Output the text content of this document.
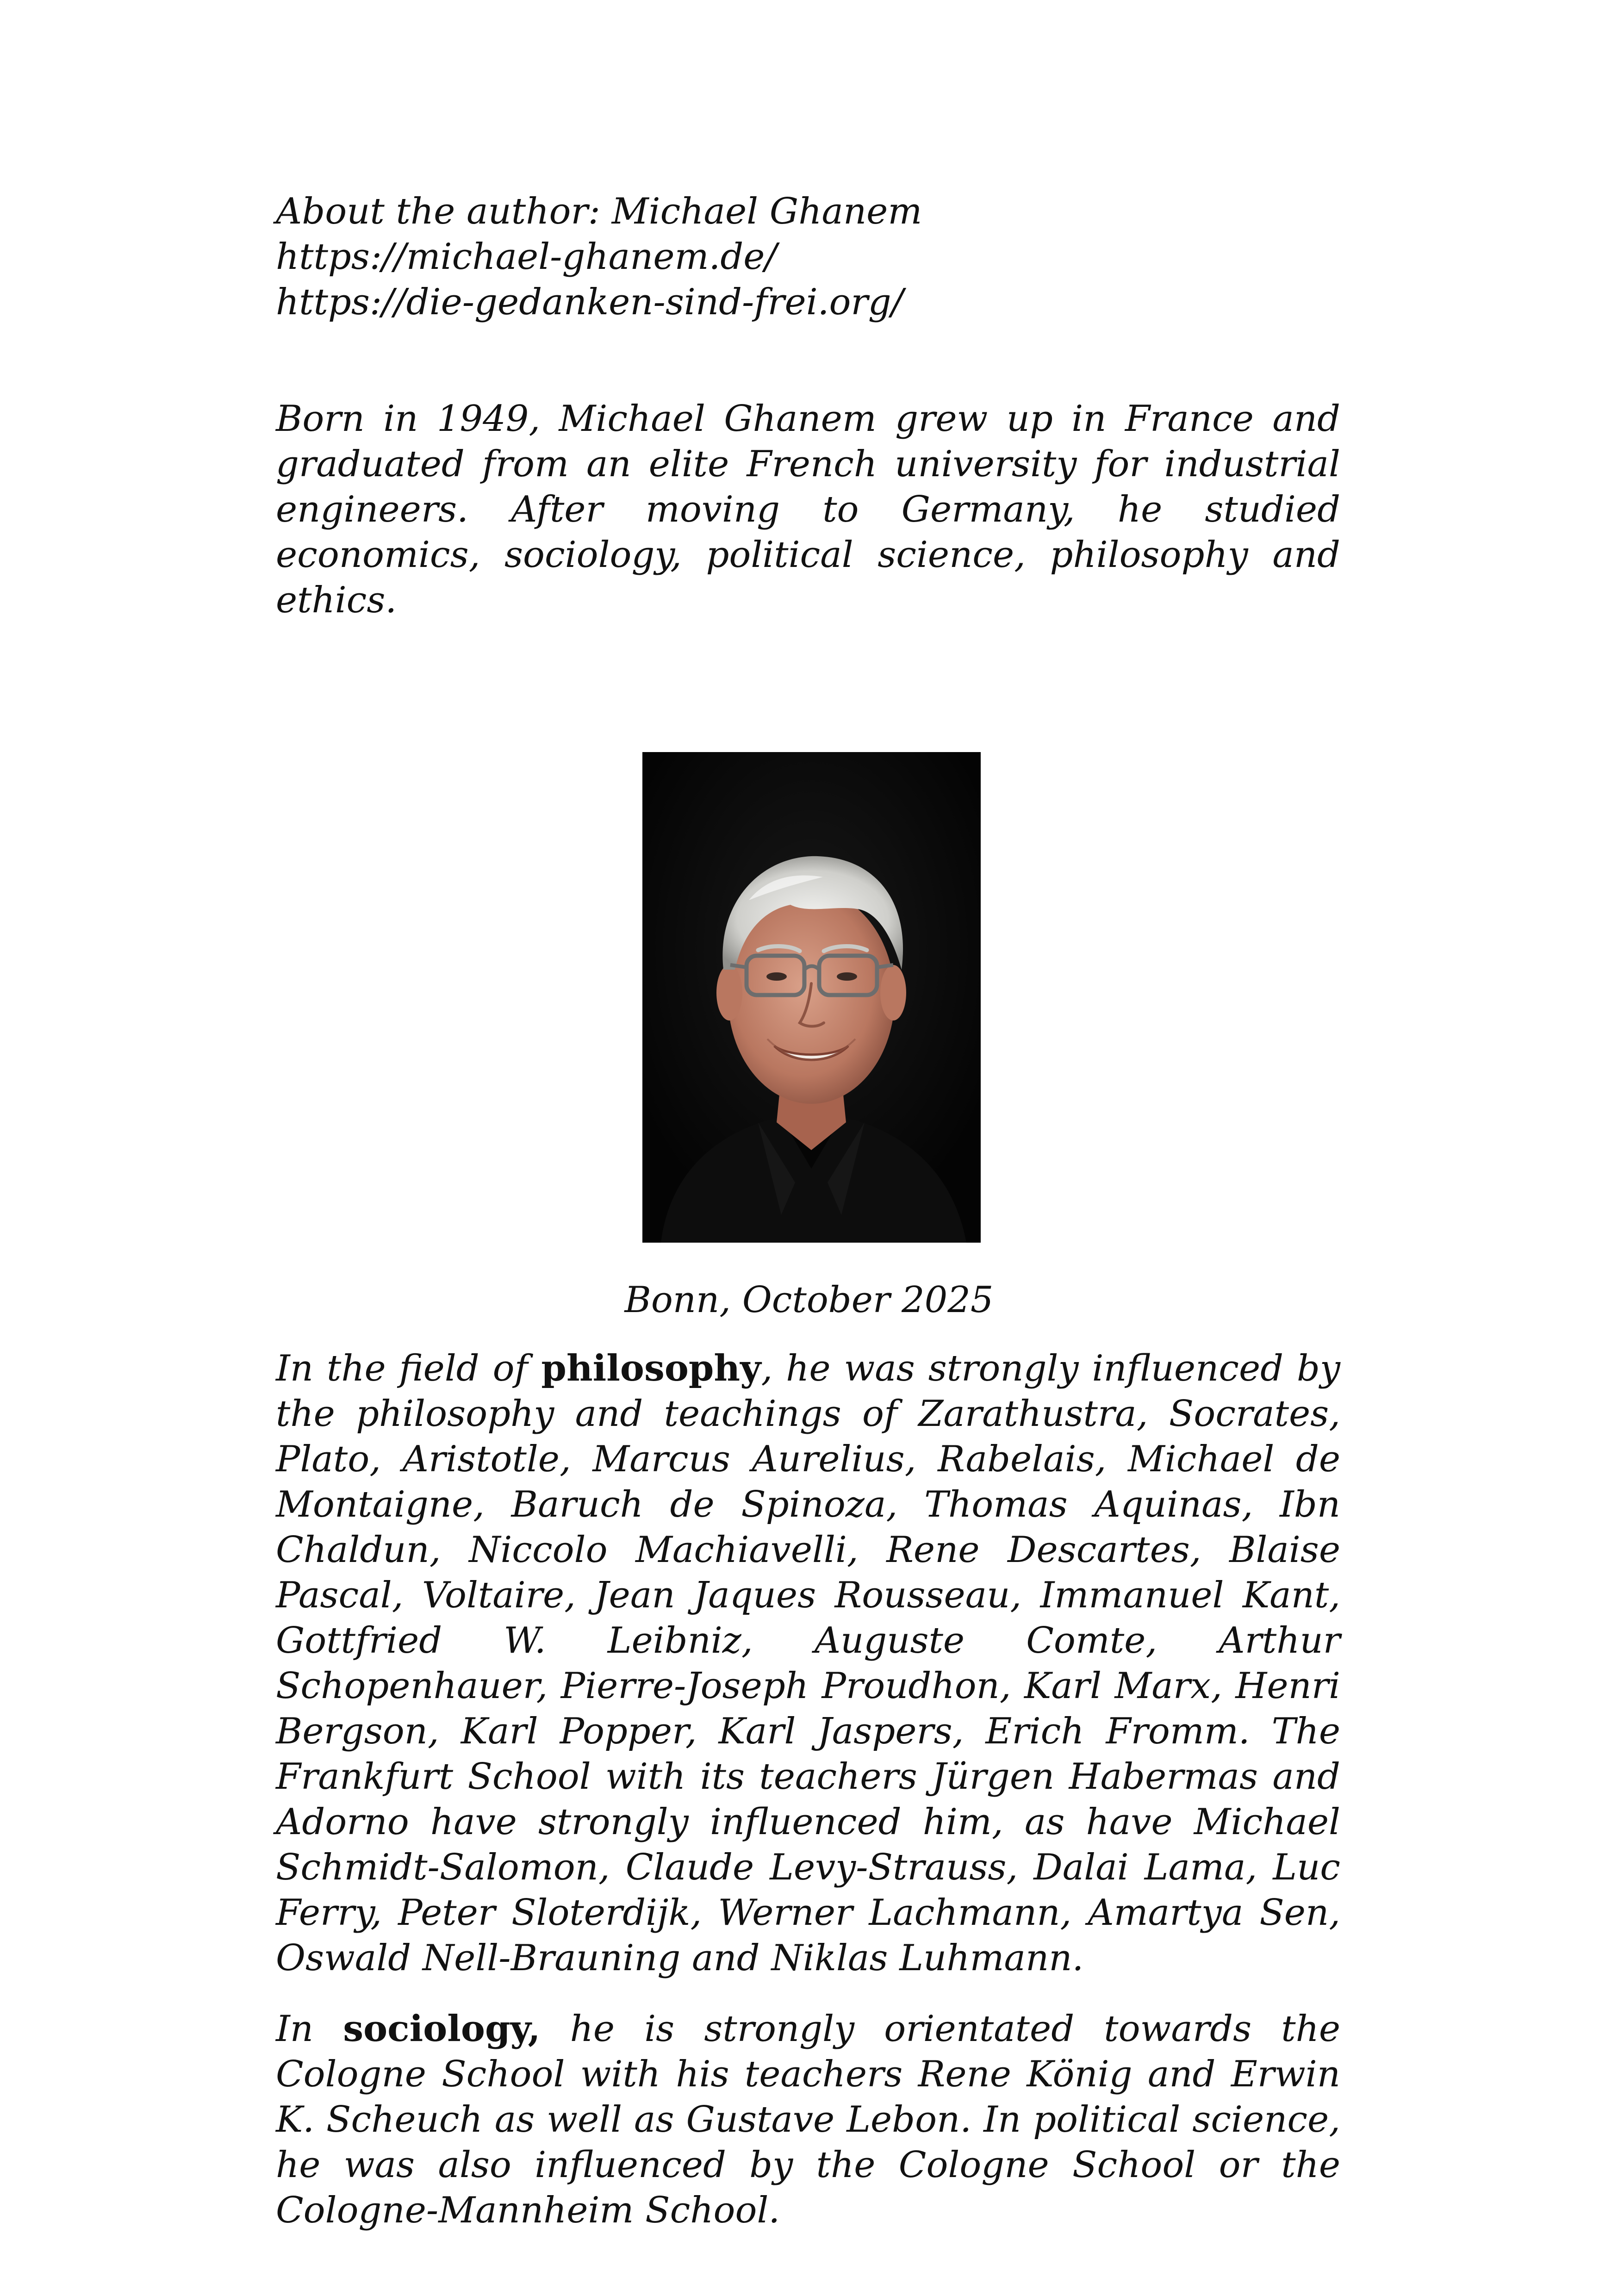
About the author: Michael Ghanem
https://michael-ghanem.de/
https://die-gedanken-sind-frei.org/
Born in 1949, Michael Ghanem grew up in France and graduated from an elite French university for industrial engineers. After moving to Germany, he studied economics, sociology, political science, philosophy and ethics.
Bonn, October 2025

In the field of philosophy, he was strongly influenced by the philosophy and teachings of Zarathustra, Socrates, Plato, Aristotle, Marcus Aurelius, Rabelais, Michael de Montaigne, Baruch de Spinoza, Thomas Aquinas, Ibn Chaldun, Niccolo Machiavelli, Rene Descartes, Blaise Pascal, Voltaire, Jean Jaques Rousseau, Immanuel Kant, Gottfried W. Leibniz, Auguste Comte, Arthur Schopenhauer, Pierre-Joseph Proudhon, Karl Marx, Henri Bergson, Karl Popper, Karl Jaspers, Erich Fromm. The Frankfurt School with its teachers Jürgen Habermas and Adorno have strongly influenced him, as have Michael Schmidt-Salomon, Claude Levy-Strauss, Dalai Lama, Luc Ferry, Peter Sloterdijk, Werner Lachmann, Amartya Sen, Oswald Nell-Brauning and Niklas Luhmann.

In sociology, he is strongly orientated towards the Cologne School with his teachers Rene König and Erwin K. Scheuch as well as Gustave Lebon. In political science, he was also influenced by the Cologne School or the Cologne-Mannheim School.
